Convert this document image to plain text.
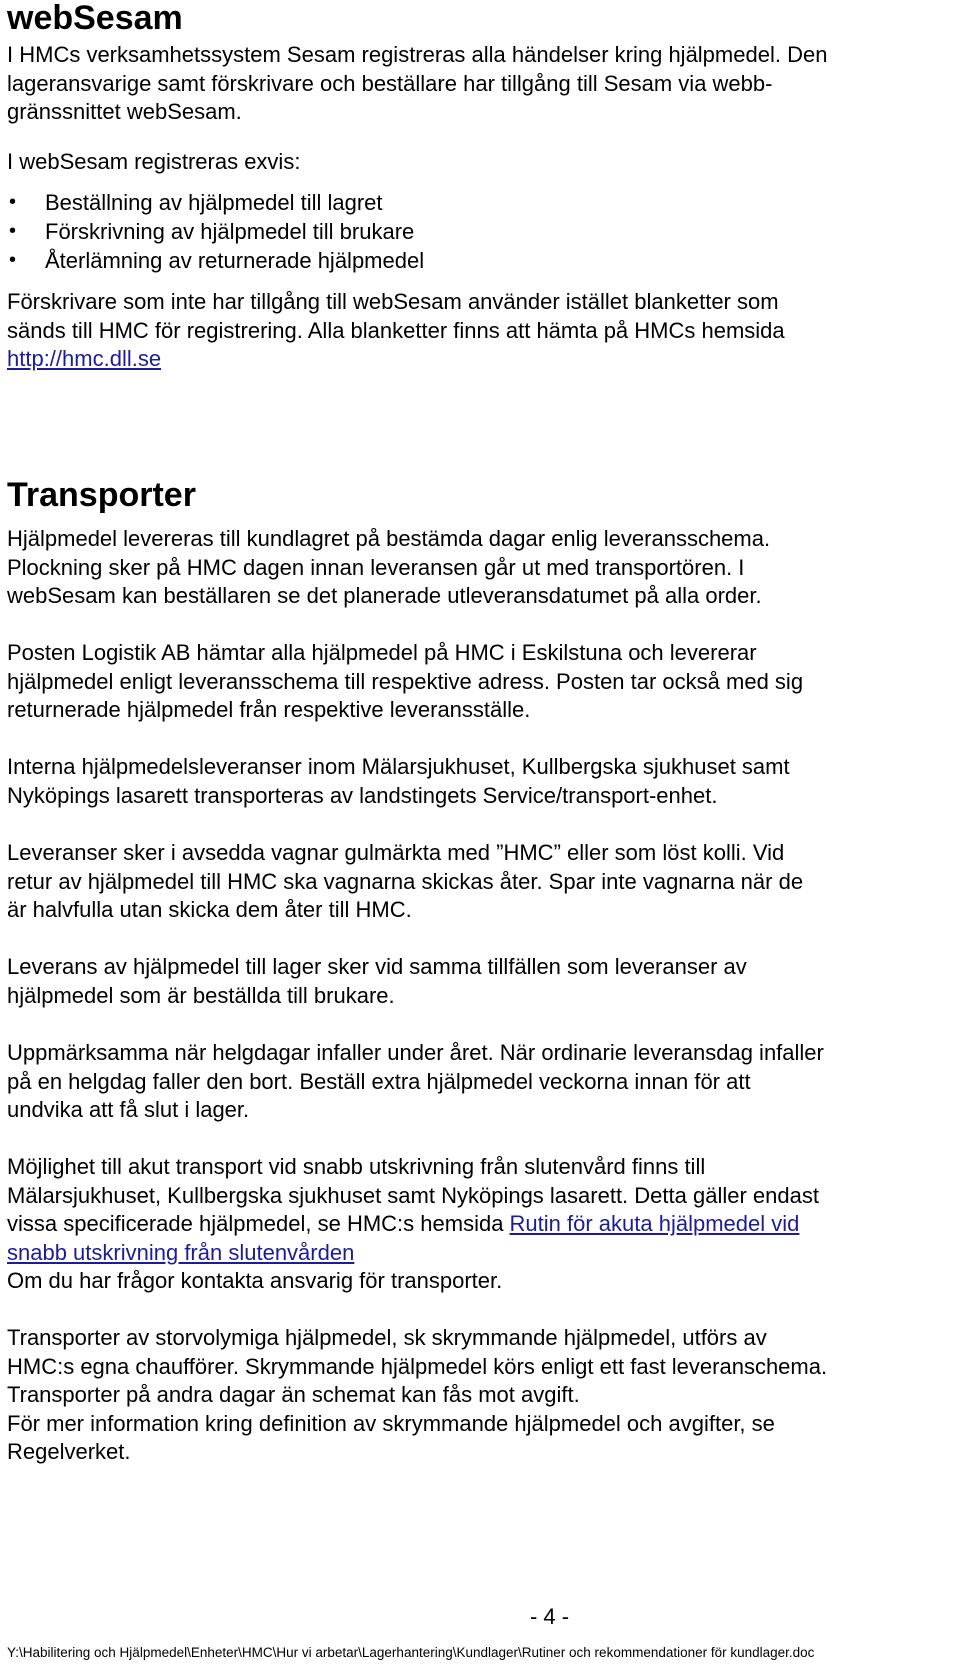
webSesam

I HMCs verksamhetssystem Sesam registreras alla händelser kring hjälpmedel. Den
lageransvarige samt förskrivare och beställare har tillgång till Sesam via webb-
gränssnittet webSesam.

I webSesam registreras exvis:

• Beställning av hjälpmedel till lagret
• Förskrivning av hjälpmedel till brukare
• Återlämning av returnerade hjälpmedel

Förskrivare som inte har tillgång till webSesam använder istället blanketter som
sänds till HMC för registrering. Alla blanketter finns att hämta på HMCs hemsida
http://hmc.dll.se

Transporter

Hjälpmedel levereras till kundlagret på bestämda dagar enlig leveransschema.
Plockning sker på HMC dagen innan leveransen går ut med transportören. I
webSesam kan beställaren se det planerade utleveransdatumet på alla order.

Posten Logistik AB hämtar alla hjälpmedel på HMC i Eskilstuna och levererar
hjälpmedel enligt leveransschema till respektive adress. Posten tar också med sig
returnerade hjälpmedel från respektive leveransställe.

Interna hjälpmedelsleveranser inom Mälarsjukhuset, Kullbergska sjukhuset samt
Nyköpings lasarett transporteras av landstingets Service/transport-enhet.

Leveranser sker i avsedda vagnar gulmärkta med ”HMC” eller som löst kolli. Vid
retur av hjälpmedel till HMC ska vagnarna skickas åter. Spar inte vagnarna när de
är halvfulla utan skicka dem åter till HMC.

Leverans av hjälpmedel till lager sker vid samma tillfällen som leveranser av
hjälpmedel som är beställda till brukare.

Uppmärksamma när helgdagar infaller under året. När ordinarie leveransdag infaller
på en helgdag faller den bort. Beställ extra hjälpmedel veckorna innan för att
undvika att få slut i lager.

Möjlighet till akut transport vid snabb utskrivning från slutenvård finns till
Mälarsjukhuset, Kullbergska sjukhuset samt Nyköpings lasarett. Detta gäller endast
vissa specificerade hjälpmedel, se HMC:s hemsida Rutin för akuta hjälpmedel vid
snabb utskrivning från slutenvården
Om du har frågor kontakta ansvarig för transporter.

Transporter av storvolymiga hjälpmedel, sk skrymmande hjälpmedel, utförs av
HMC:s egna chaufförer. Skrymmande hjälpmedel körs enligt ett fast leveranschema.
Transporter på andra dagar än schemat kan fås mot avgift.
För mer information kring definition av skrymmande hjälpmedel och avgifter, se
Regelverket.

- 4 -
Y:\Habilitering och Hjälpmedel\Enheter\HMC\Hur vi arbetar\Lagerhantering\Kundlager\Rutiner och rekommendationer för kundlager.doc
